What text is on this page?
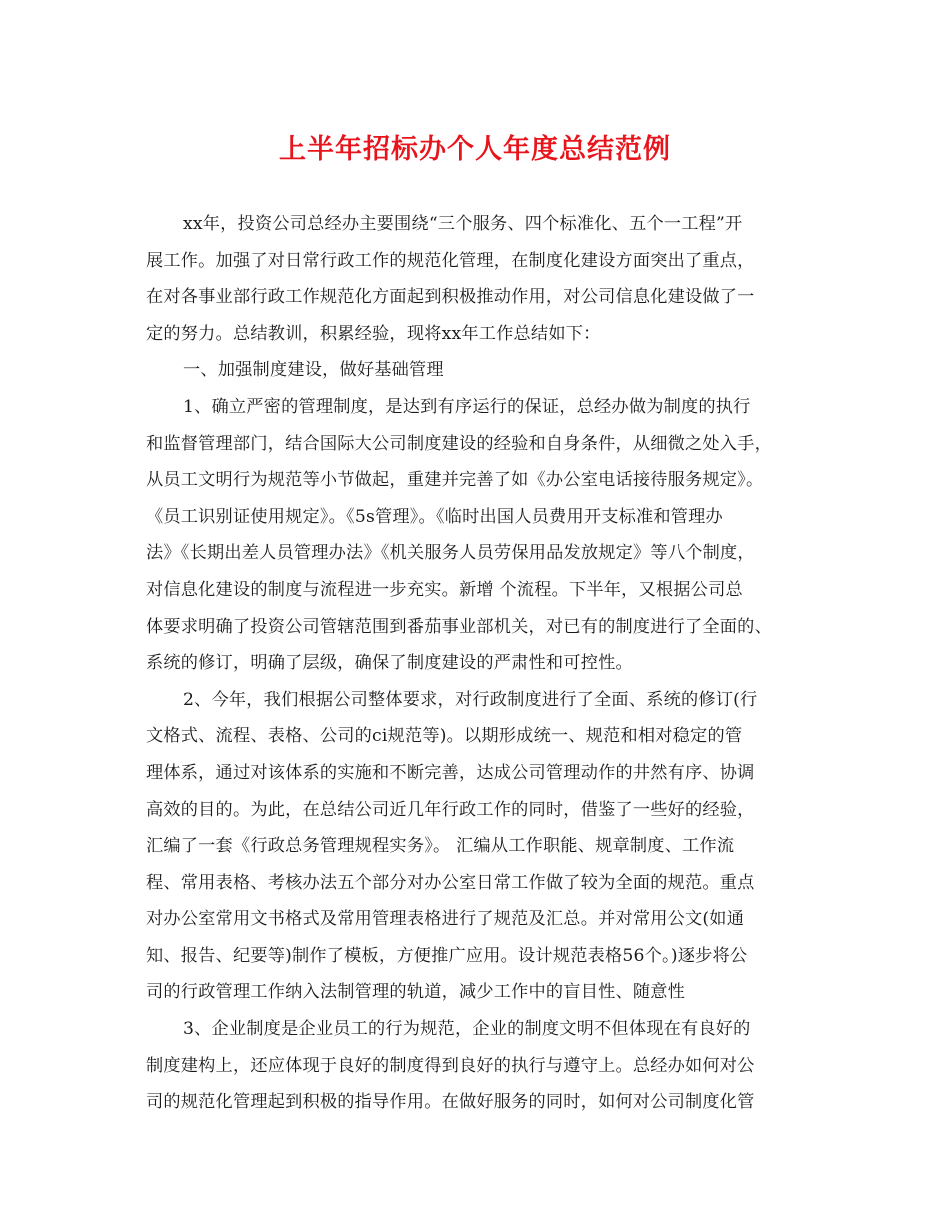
上半年招标办个人年度总结范例
xx年，投资公司总经办主要围绕“三个服务、四个标准化、五个一工程”开
展工作。加强了对日常行政工作的规范化管理，在制度化建设方面突出了重点，
在对各事业部行政工作规范化方面起到积极推动作用，对公司信息化建设做了一
定的努力。总结教训，积累经验，现将xx年工作总结如下：
一、加强制度建设，做好基础管理
1、确立严密的管理制度，是达到有序运行的保证，总经办做为制度的执行
和监督管理部门，结合国际大公司制度建设的经验和自身条件，从细微之处入手，
从员工文明行为规范等小节做起，重建并完善了如《办公室电话接待服务规定》。
《员工识别证使用规定》。《5s管理》。《临时出国人员费用开支标准和管理办
法》《长期出差人员管理办法》《机关服务人员劳保用品发放规定》等八个制度，
对信息化建设的制度与流程进一步充实。新增 个流程。下半年，又根据公司总
体要求明确了投资公司管辖范围到番茄事业部机关，对已有的制度进行了全面的、
系统的修订，明确了层级，确保了制度建设的严肃性和可控性。
2、今年，我们根据公司整体要求，对行政制度进行了全面、系统的修订(行
文格式、流程、表格、公司的ci规范等)。以期形成统一、规范和相对稳定的管
理体系，通过对该体系的实施和不断完善，达成公司管理动作的井然有序、协调
高效的目的。为此，在总结公司近几年行政工作的同时，借鉴了一些好的经验，
汇编了一套《行政总务管理规程实务》。 汇编从工作职能、规章制度、工作流
程、常用表格、考核办法五个部分对办公室日常工作做了较为全面的规范。重点
对办公室常用文书格式及常用管理表格进行了规范及汇总。并对常用公文(如通
知、报告、纪要等)制作了模板，方便推广应用。设计规范表格56个。)逐步将公
司的行政管理工作纳入法制管理的轨道，减少工作中的盲目性、随意性
3、企业制度是企业员工的行为规范，企业的制度文明不但体现在有良好的
制度建构上，还应体现于良好的制度得到良好的执行与遵守上。总经办如何对公
司的规范化管理起到积极的指导作用。在做好服务的同时，如何对公司制度化管
